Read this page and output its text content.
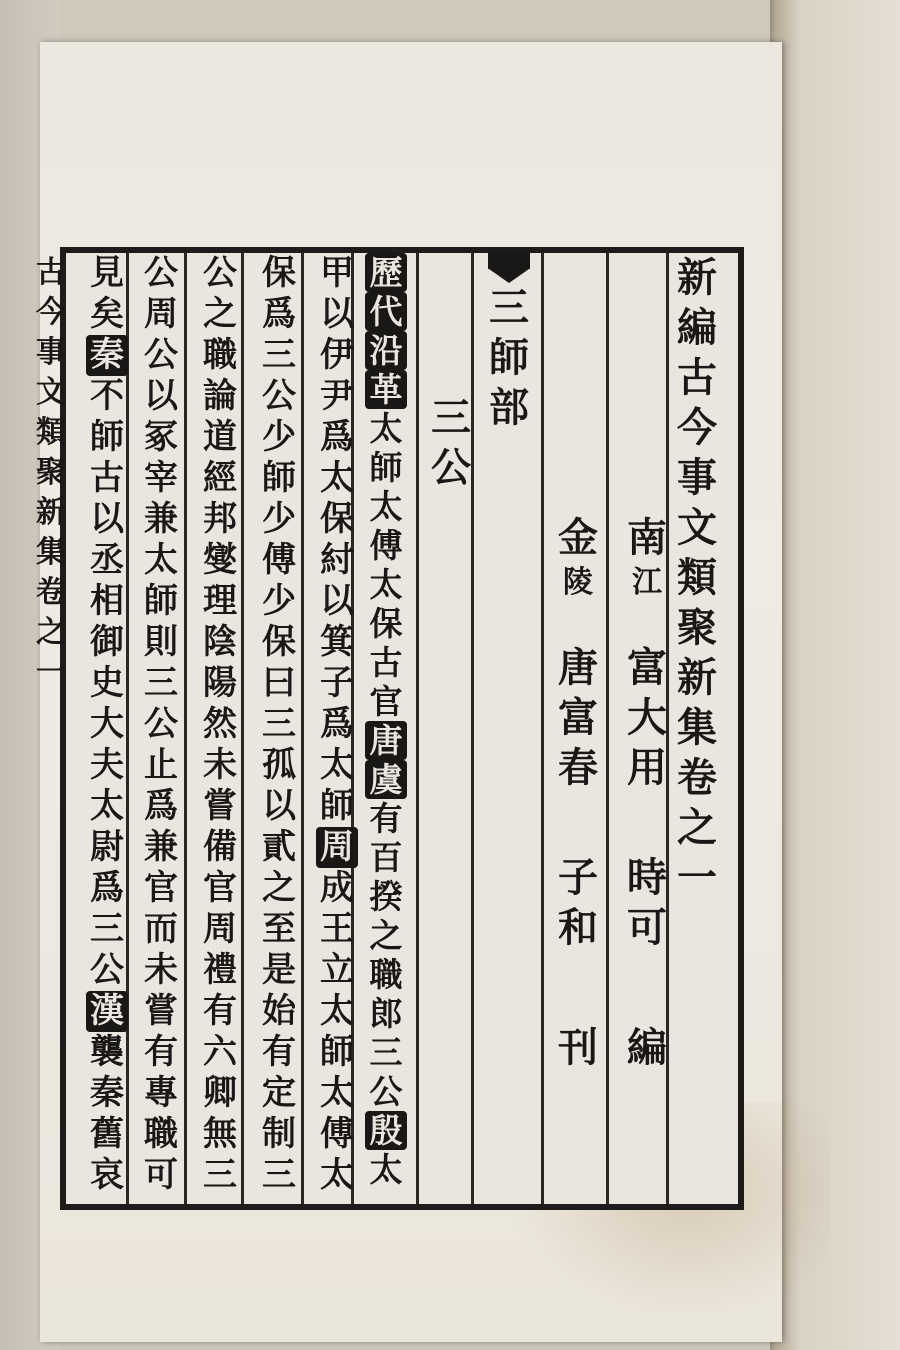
新
編
古
今
事
文
類
聚
新
集
卷
之
一
南
江
富
大
用
時
可
編
金
陵
唐
富
春
子
和
刊
三
師
部
三
公
歷
代
沿
革
太
師
太
傅
太
保
古
官
唐
虞
有
百
揆
之
職
郎
三
公
殷
太
甲
以
伊
尹
爲
太
保
紂
以
箕
子
爲
太
師
周
成
王
立
太
師
太
傅
太
保
爲
三
公
少
師
少
傅
少
保
曰
三
孤
以
貳
之
至
是
始
有
定
制
三
公
之
職
論
道
經
邦
燮
理
陰
陽
然
未
嘗
備
官
周
禮
有
六
卿
無
三
公
周
公
以
冢
宰
兼
太
師
則
三
公
止
爲
兼
官
而
未
嘗
有
專
職
可
見
矣
秦
不
師
古
以
丞
相
御
史
大
夫
太
尉
爲
三
公
漢
襲
秦
舊
哀
古
今
事
文
類
聚
新
集
卷
之
一
